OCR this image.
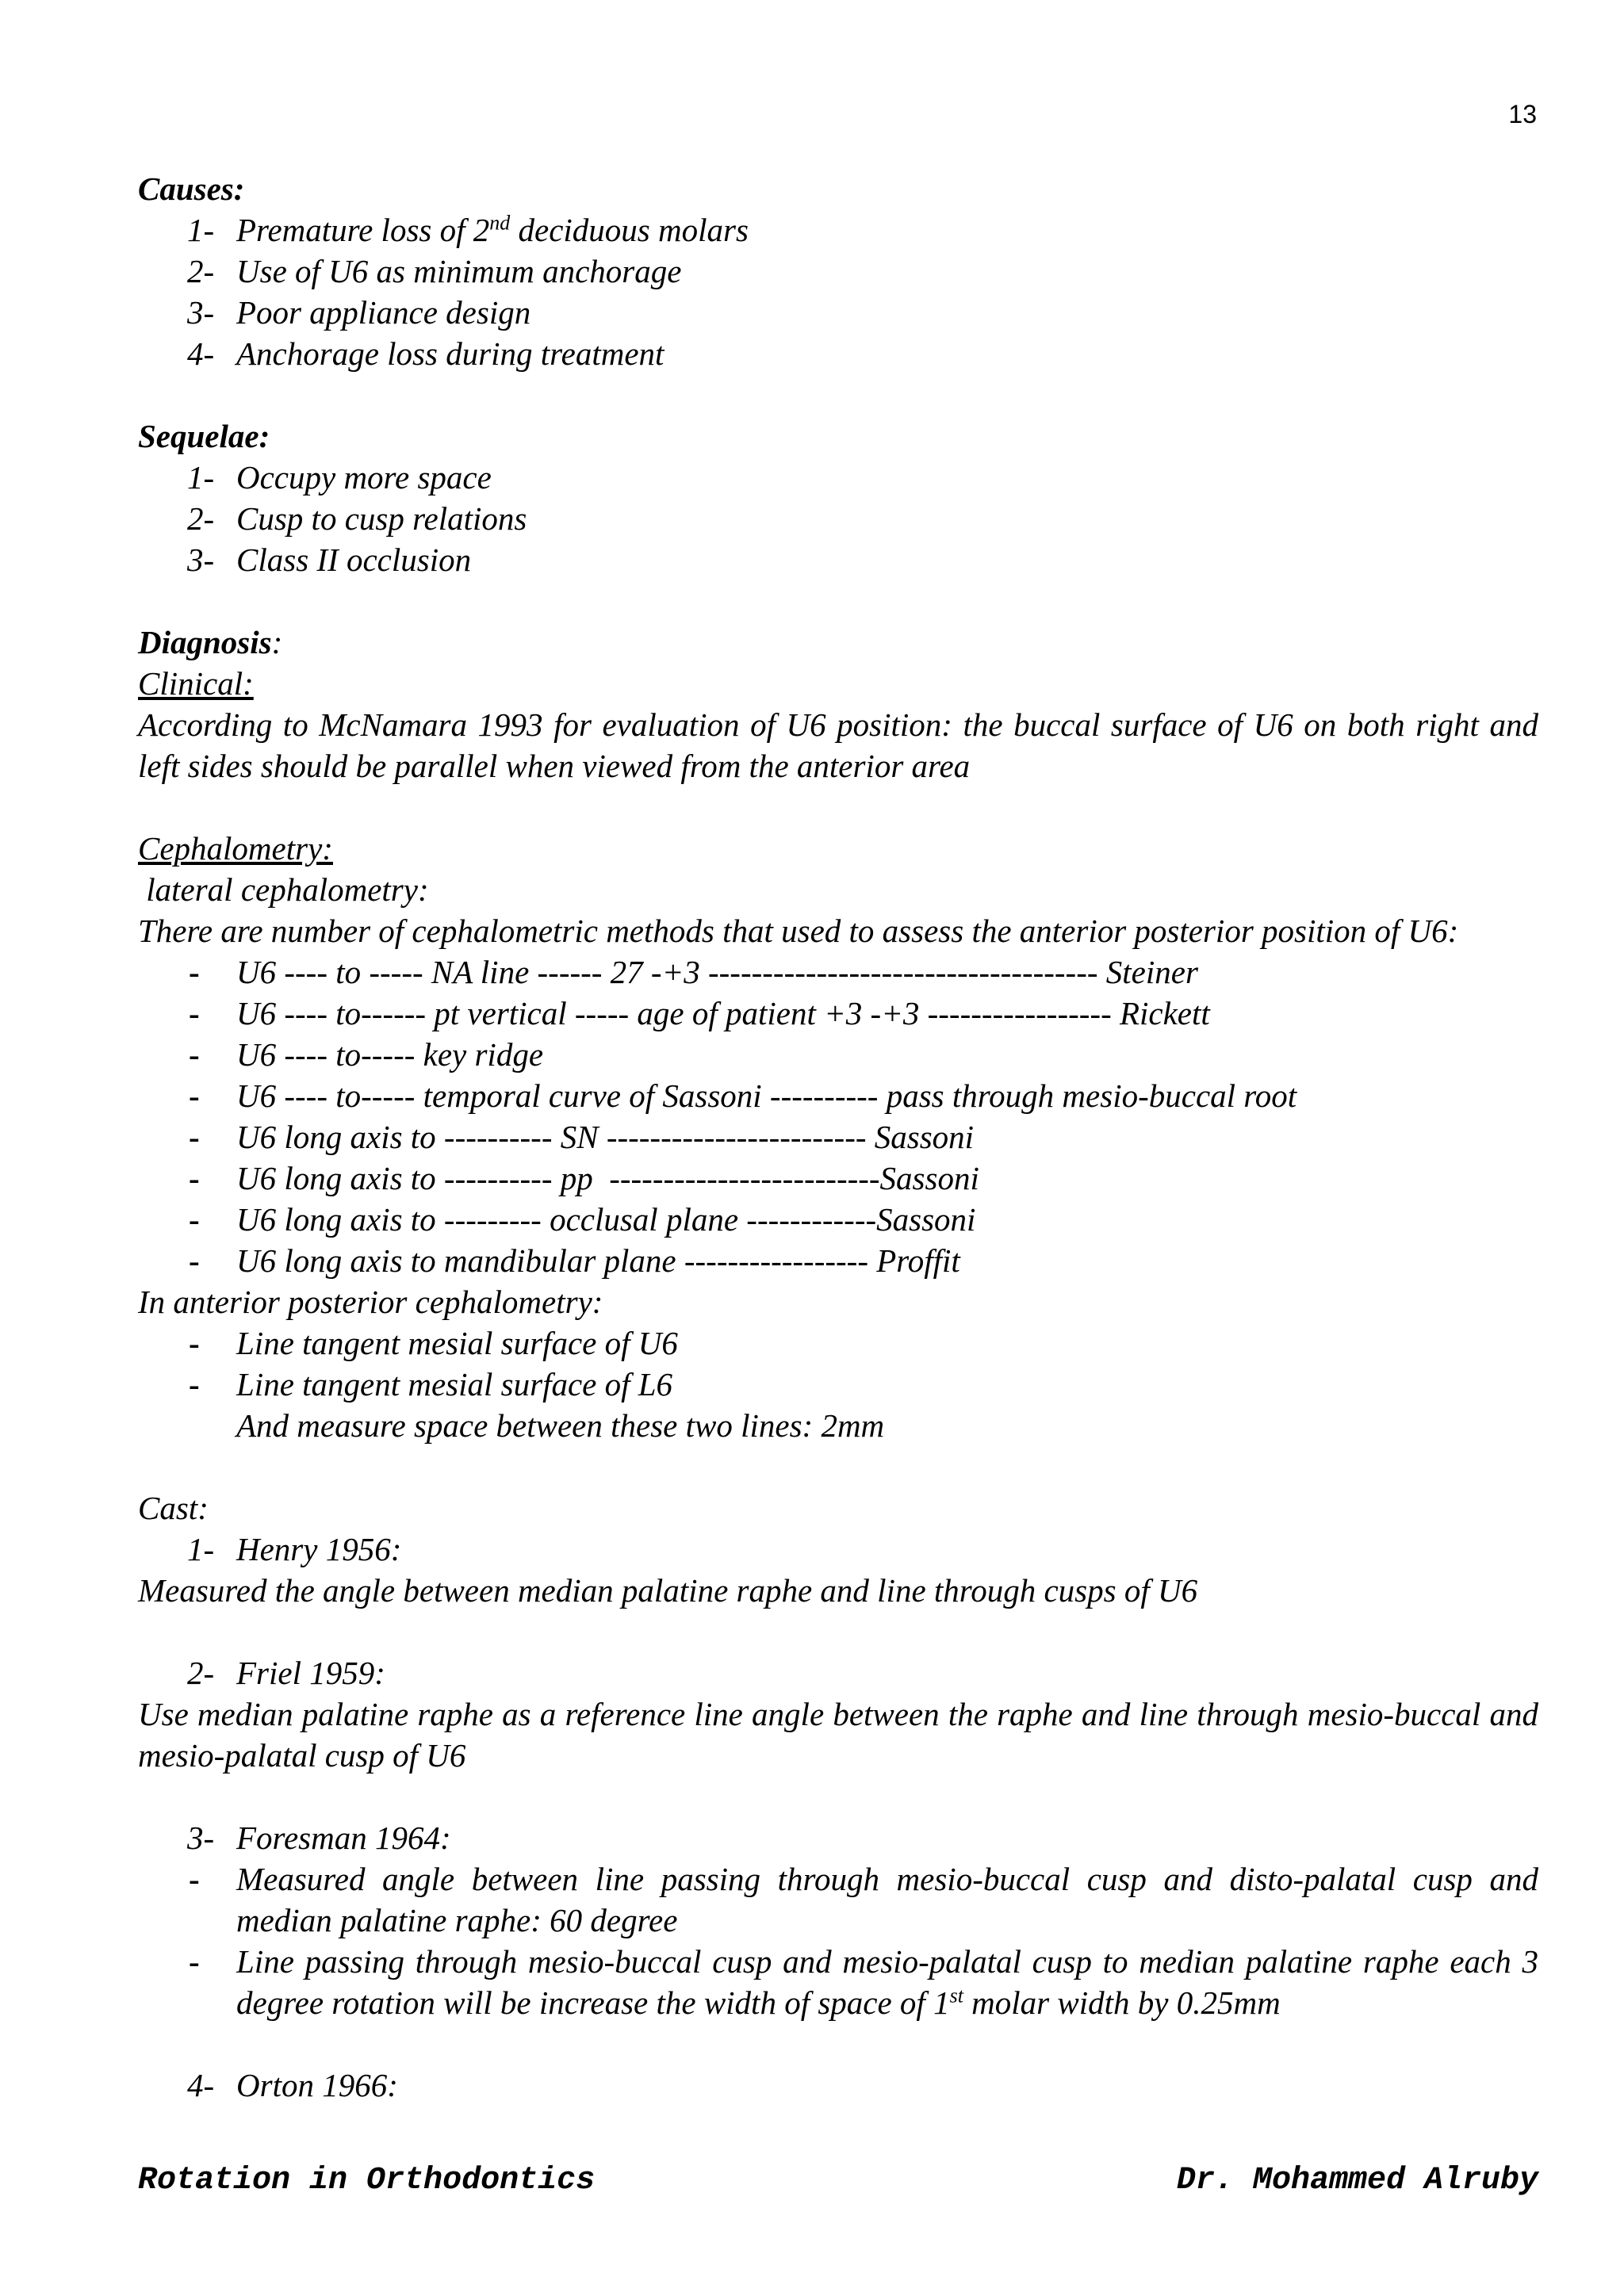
13
Causes:
1- Premature loss of 2nd deciduous molars
2- Use of U6 as minimum anchorage
3- Poor appliance design
4- Anchorage loss during treatment
Sequelae:
1- Occupy more space
2- Cusp to cusp relations
3- Class II occlusion
Diagnosis:
Clinical:

According to McNamara 1993 for evaluation of U6 position: the buccal surface of U6 on both right and left sides should be parallel when viewed from the anterior area

Cephalometry:
lateral cephalometry:

There are number of cephalometric methods that used to assess the anterior posterior position of U6:

- U6 ---- to ----- NA line ------ 27 -+3 ------------------------------------ Steiner
- U6 ---- to------ pt vertical ----- age of patient +3 -+3 ----------------- Rickett
- U6 ---- to----- key ridge
- U6 ---- to----- temporal curve of Sassoni ---------- pass through mesio-buccal root
- U6 long axis to ---------- SN ------------------------ Sassoni
- U6 long axis to ---------- pp  -------------------------Sassoni
- U6 long axis to --------- occlusal plane ------------Sassoni
- U6 long axis to mandibular plane ----------------- Proffit
In anterior posterior cephalometry:
- Line tangent mesial surface of U6
- Line tangent mesial surface of L6
And measure space between these two lines: 2mm
Cast:
1- Henry 1956:

Measured the angle between median palatine raphe and line through cusps of U6

2- Friel 1959:

Use median palatine raphe as a reference line angle between the raphe and line through mesio-buccal and mesio-palatal cusp of U6

3- Foresman 1964:
- Measured angle between line passing through mesio-buccal cusp and disto-palatal cusp and median palatine raphe: 60 degree
- Line passing through mesio-buccal cusp and mesio-palatal cusp to median palatine raphe each 3 degree rotation will be increase the width of space of 1st molar width by 0.25mm
4- Orton 1966:
Rotation in Orthodontics	Dr. Mohammed Alruby
